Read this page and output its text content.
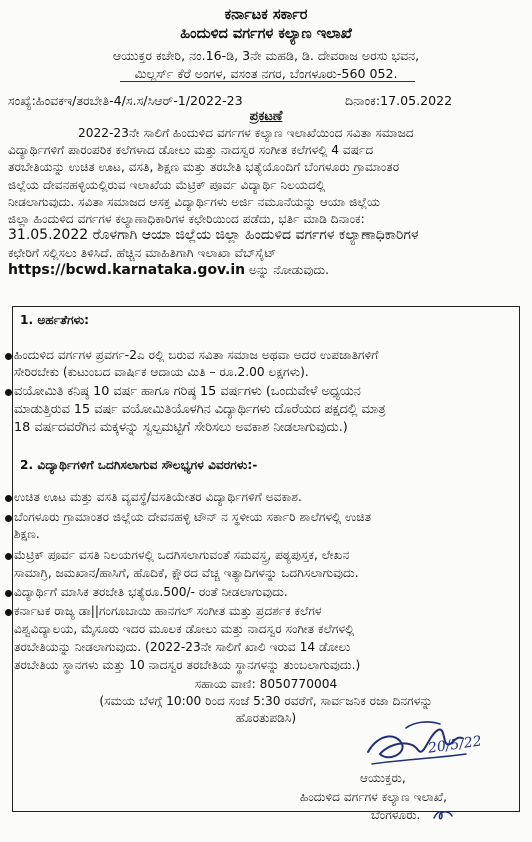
ಕರ್ನಾಟಕ ಸರ್ಕಾರ
ಹಿಂದುಳಿದ ವರ್ಗಗಳ ಕಲ್ಯಾಣ ಇಲಾಖೆ
ಆಯುಕ್ತರ ಕಚೇರಿ, ನಂ.16-ಡಿ, 3ನೇ ಮಹಡಿ, ಡಿ. ದೇವರಾಜ ಅರಸು ಭವನ,
ಮಿಲ್ಲರ್ಸ್ ಕೆರೆ ಅಂಗಳ, ವಸಂತ ನಗರ, ಬೆಂಗಳೂರು-560 052.
ಸಂಖ್ಯೆ:ಹಿಂವಕಇ/ತರಬೇತಿ-4/ಸ.ಸ/ಸಿಆರ್-1/2022-23	ದಿನಾಂಕ:17.05.2022
ಪ್ರಕಟಣೆ
2022-23ನೇ ಸಾಲಿಗೆ ಹಿಂದುಳಿದ ವರ್ಗಗಳ ಕಲ್ಯಾಣ ಇಲಾಖೆಯಿಂದ ಸವಿತಾ ಸಮಾಜದ
ವಿದ್ಯಾರ್ಥಿಗಳಿಗೆ ಪಾರಂಪರಿಕ ಕಲೆಗಳಾದ ಡೋಲು ಮತ್ತು ನಾದಸ್ವರ ಸಂಗೀತ ಕಲೆಗಳಲ್ಲಿ 4 ವರ್ಷದ
ತರಬೇತಿಯನ್ನು ಉಚಿತ ಊಟ, ವಸತಿ, ಶಿಕ್ಷಣ ಮತ್ತು ತರಬೇತಿ ಭತ್ಯೆಯೊಂದಿಗೆ ಬೆಂಗಳೂರು ಗ್ರಾಮಾಂತರ
ಜಿಲ್ಲೆಯ ದೇವನಹಳ್ಳಿಯಲ್ಲಿರುವ ಇಲಾಖೆಯ ಮೆಟ್ರಿಕ್ ಪೂರ್ವ ವಿದ್ಯಾರ್ಥಿ ನಿಲಯದಲ್ಲಿ
ನೀಡಲಾಗುವುದು. ಸವಿತಾ ಸಮಾಜದ ಆಸಕ್ತ ವಿದ್ಯಾರ್ಥಿಗಳು ಅರ್ಜಿ ನಮೂನೆಯನ್ನು ಆಯಾ ಜಿಲ್ಲೆಯ
ಜಿಲ್ಲಾ ಹಿಂದುಳಿದ ವರ್ಗಗಳ ಕಲ್ಯಾಣಾಧಿಕಾರಿಗಳ ಕಛೇರಿಯಿಂದ ಪಡೆದು, ಭರ್ತಿ ಮಾಡಿ ದಿನಾಂಕ:
31.05.2022 ರೊಳಗಾಗಿ ಆಯಾ ಜಿಲ್ಲೆಯ ಜಿಲ್ಲಾ ಹಿಂದುಳಿದ ವರ್ಗಗಳ ಕಲ್ಯಾಣಾಧಿಕಾರಿಗಳ
ಕಛೇರಿಗೆ ಸಲ್ಲಿಸಲು ತಿಳಿಸಿದೆ. ಹೆಚ್ಚಿನ ಮಾಹಿತಿಗಾಗಿ ಇಲಾಖಾ ವೆಬ್‌ಸೈಟ್
https://bcwd.karnataka.gov.in ಅನ್ನು ನೋಡುವುದು.
1. ಅರ್ಹತೆಗಳು:
ಹಿಂದುಳಿದ ವರ್ಗಗಳ ಪ್ರವರ್ಗ-2ಎ ರಲ್ಲಿ ಬರುವ ಸವಿತಾ ಸಮಾಜ ಅಥವಾ ಅದರ ಉಪಜಾತಿಗಳಿಗೆ
ಸೇರಿರಬೇಕು (ಕುಟುಂಬದ ವಾರ್ಷಿಕ ಆದಾಯ ಮಿತಿ – ರೂ.2.00 ಲಕ್ಷಗಳು).
ವಯೋಮಿತಿ ಕನಿಷ್ಠ 10 ವರ್ಷ ಹಾಗೂ ಗರಿಷ್ಠ 15 ವರ್ಷಗಳು (ಒಂದುವೇಳೆ ಅಧ್ಯಯನ
ಮಾಡುತ್ತಿರುವ 15 ವರ್ಷ ವಯೋಮಿತಿಯೊಳಗಿನ ವಿದ್ಯಾರ್ಥಿಗಳು ದೊರೆಯದ ಪಕ್ಷದಲ್ಲಿ ಮಾತ್ರ
18 ವರ್ಷದವರೆಗಿನ ಮಕ್ಕಳನ್ನು ಸ್ವಲ್ಪಮಟ್ಟಿಗೆ ಸೇರಿಸಲು ಅವಕಾಶ ನೀಡಲಾಗುವುದು.)
2. ವಿದ್ಯಾರ್ಥಿಗಳಿಗೆ ಒದಗಿಸಲಾಗುವ ಸೌಲಭ್ಯಗಳ ವಿವರಗಳು:-
ಉಚಿತ ಊಟ ಮತ್ತು ವಸತಿ ವ್ಯವಸ್ಥೆ/ವಸತಿಯೇತರ ವಿದ್ಯಾರ್ಥಿಗಳಿಗೆ ಅವಕಾಶ.
ಬೆಂಗಳೂರು ಗ್ರಾಮಾಂತರ ಜಿಲ್ಲೆಯ ದೇವನಹಳ್ಳಿ ಟೌನ್ ನ ಸ್ಥಳೀಯ ಸರ್ಕಾರಿ ಶಾಲೆಗಳಲ್ಲಿ ಉಚಿತ
ಶಿಕ್ಷಣ.
ಮೆಟ್ರಿಕ್ ಪೂರ್ವ ವಸತಿ ನಿಲಯಗಳಲ್ಲಿ ಒದಗಿಸಲಾಗುವಂತೆ ಸಮವಸ್ತ್ರ, ಪಠ್ಯಪುಸ್ತಕ, ಲೇಖನ
ಸಾಮಾಗ್ರಿ, ಜಮಖಾನ/ಹಾಸಿಗೆ, ಹೊದಿಕೆ, ಕ್ಷೌರದ ವೆಚ್ಚ ಇತ್ಯಾದಿಗಳನ್ನು ಒದಗಿಸಲಾಗುವುದು.
ವಿದ್ಯಾರ್ಥಿಗೆ ಮಾಸಿಕ ತರಬೇತಿ ಭತ್ಯೆರೂ.500/- ರಂತೆ ನೀಡಲಾಗುವುದು.
ಕರ್ನಾಟಕ ರಾಜ್ಯ ಡಾ||ಗಂಗೂಬಾಯಿ ಹಾನಗಲ್ ಸಂಗೀತ ಮತ್ತು ಪ್ರದರ್ಶಕ ಕಲೆಗಳ
ವಿಶ್ವವಿದ್ಯಾಲಯ, ಮೈಸೂರು ಇದರ ಮೂಲಕ ಡೋಲು ಮತ್ತು ನಾದಸ್ವರ ಸಂಗೀತ ಕಲೆಗಳಲ್ಲಿ
ತರಬೇತಿಯನ್ನು ನೀಡಲಾಗುವುದು. (2022-23ನೇ ಸಾಲಿಗೆ ಖಾಲಿ ಇರುವ 14 ಡೋಲು
ತರಬೇತಿಯ ಸ್ಥಾನಗಳು ಮತ್ತು 10 ನಾದಸ್ವರ ತರಬೇತಿಯ ಸ್ಥಾನಗಳನ್ನು ತುಂಬಲಾಗುವುದು.)
ಸಹಾಯ ವಾಣಿ: 8050770004
(ಸಮಯ ಬೆಳಗ್ಗೆ 10:00 ರಿಂದ ಸಂಜೆ 5:30 ರವರೆಗೆ, ಸಾರ್ವಜನಿಕ ರಜಾ ದಿನಗಳನ್ನು
ಹೊರತುಪಡಿಸಿ)
20/5/22
ಆಯುಕ್ತರು,
ಹಿಂದುಳಿದ ವರ್ಗಗಳ ಕಲ್ಯಾಣ ಇಲಾಖೆ,
ಬೆಂಗಳೂರು.
